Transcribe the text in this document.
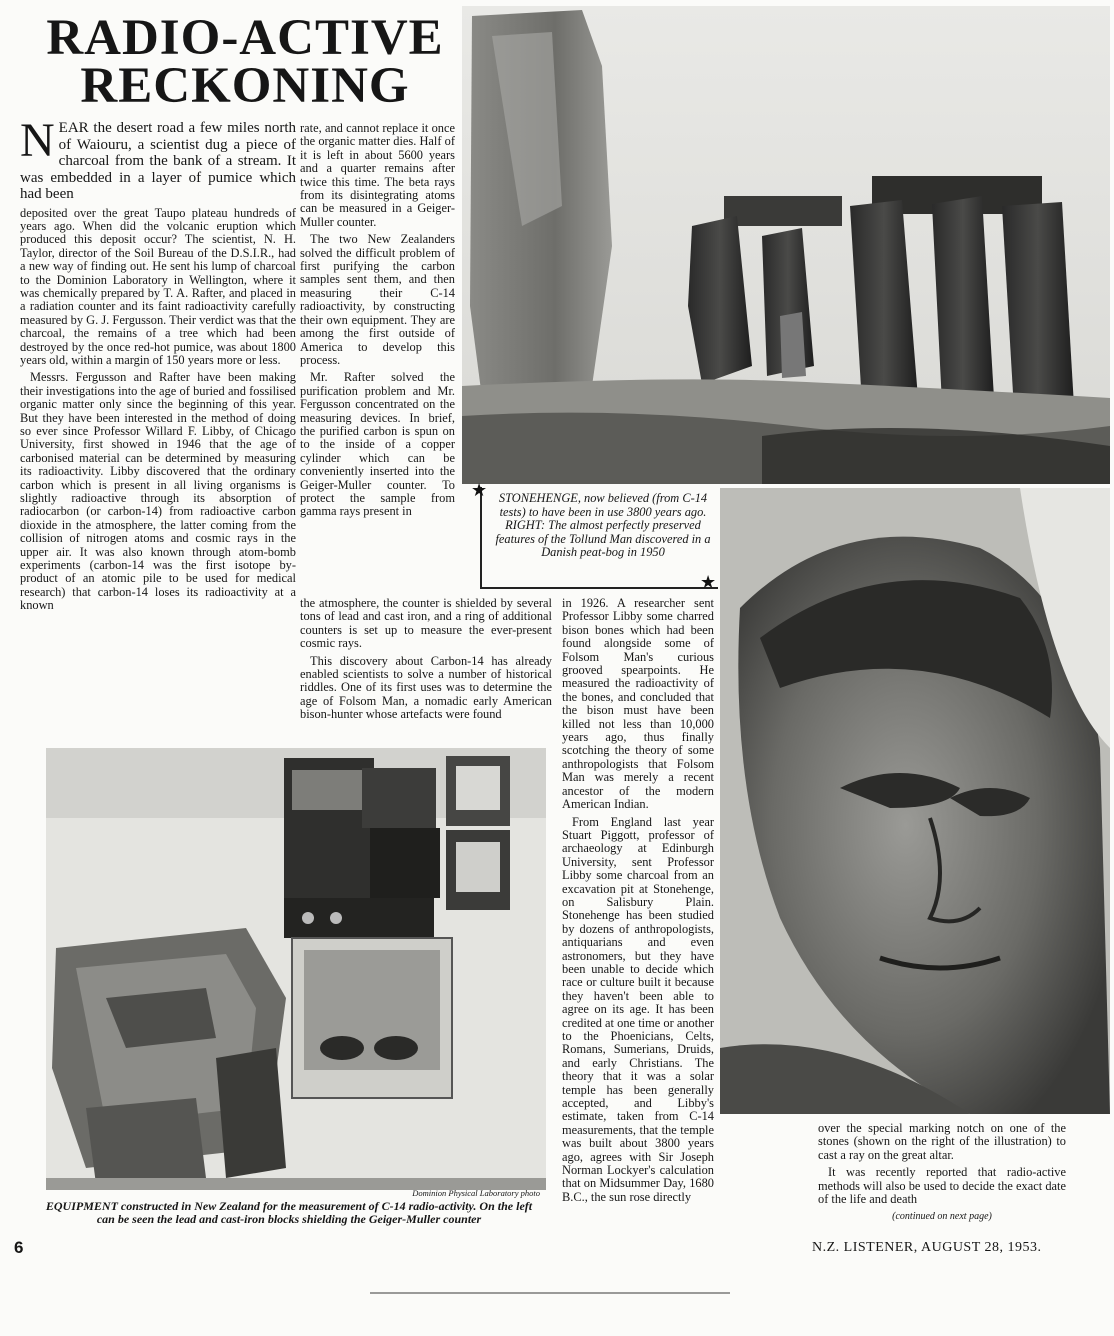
RADIO-ACTIVE
RECKONING

NEAR the desert road a few miles north of Waiouru, a scientist dug a piece of charcoal from the bank of a stream. It was embedded in a layer of pumice which had been

deposited over the great Taupo plateau hundreds of years ago. When did the volcanic eruption which produced this deposit occur? The scientist, N. H. Taylor, director of the Soil Bureau of the D.S.I.R., had a new way of finding out. He sent his lump of charcoal to the Dominion Laboratory in Wellington, where it was chemically prepared by T. A. Rafter, and placed in a radiation counter and its faint radioactivity carefully measured by G. J. Fergusson. Their verdict was that the charcoal, the remains of a tree which had been destroyed by the once red-hot pumice, was about 1800 years old, within a margin of 150 years more or less.

Messrs. Fergusson and Rafter have been making their investigations into the age of buried and fossilised organic matter only since the beginning of this year. But they have been interested in the method of doing so ever since Professor Willard F. Libby, of Chicago University, first showed in 1946 that the age of carbonised material can be determined by measuring its radioactivity. Libby discovered that the ordinary carbon which is present in all living organisms is slightly radioactive through its absorption of radiocarbon (or carbon-14) from radioactive carbon dioxide in the atmosphere, the latter coming from the collision of nitrogen atoms and cosmic rays in the upper air. It was also known through atom-bomb experiments (carbon-14 was the first isotope by-product of an atomic pile to be used for medical research) that carbon-14 loses its radioactivity at a known

rate, and cannot replace it once the organic matter dies. Half of it is left in about 5600 years and a quarter remains after twice this time. The beta rays from its disintegrating atoms can be measured in a Geiger-Muller counter.

The two New Zealanders solved the difficult problem of first purifying the carbon samples sent them, and then measuring their C-14 radioactivity, by constructing their own equipment. They are among the first outside of America to develop this process.

Mr. Rafter solved the purification problem and Mr. Fergusson concentrated on the measuring devices. In brief, the purified carbon is spun on to the inside of a copper cylinder which can be conveniently inserted into the Geiger-Muller counter. To protect the sample from gamma rays present in

the atmosphere, the counter is shielded by several tons of lead and cast iron, and a ring of additional counters is set up to measure the ever-present cosmic rays.

This discovery about Carbon-14 has already enabled scientists to solve a number of historical riddles. One of its first uses was to determine the age of Folsom Man, a nomadic early American bison-hunter whose artefacts were found

in 1926. A researcher sent Professor Libby some charred bison bones which had been found alongside some of Folsom Man's curious grooved spearpoints. He measured the radioactivity of the bones, and concluded that the bison must have been killed not less than 10,000 years ago, thus finally scotching the theory of some anthropologists that Folsom Man was merely a recent ancestor of the modern American Indian.

From England last year Stuart Piggott, professor of archaeology at Edinburgh University, sent Professor Libby some charcoal from an excavation pit at Stonehenge, on Salisbury Plain. Stonehenge has been studied by dozens of anthropologists, antiquarians and even astronomers, but they have been unable to decide which race or culture built it because they haven't been able to agree on its age. It has been credited at one time or another to the Phoenicians, Celts, Romans, Sumerians, Druids, and early Christians. The theory that it was a solar temple has been generally accepted, and Libby's estimate, taken from C-14 measurements, that the temple was built about 3800 years ago, agrees with Sir Joseph Norman Lockyer's calculation that on Midsummer Day, 1680 B.C., the sun rose directly

over the special marking notch on one of the stones (shown on the right of the illustration) to cast a ray on the great altar.

It was recently reported that radio-active methods will also be used to decide the exact date of the life and death

(continued on next page)
STONEHENGE, now believed (from C-14 tests) to have been in use 3800 years ago. RIGHT: The almost perfectly preserved features of the Tollund Man discovered in a Danish peat-bog in 1950
★
★
Dominion Physical Laboratory photo
EQUIPMENT constructed in New Zealand for the measurement of C-14 radio-activity. On the left can be seen the lead and cast-iron blocks shielding the Geiger-Muller counter
6	N.Z. LISTENER, AUGUST 28, 1953.
